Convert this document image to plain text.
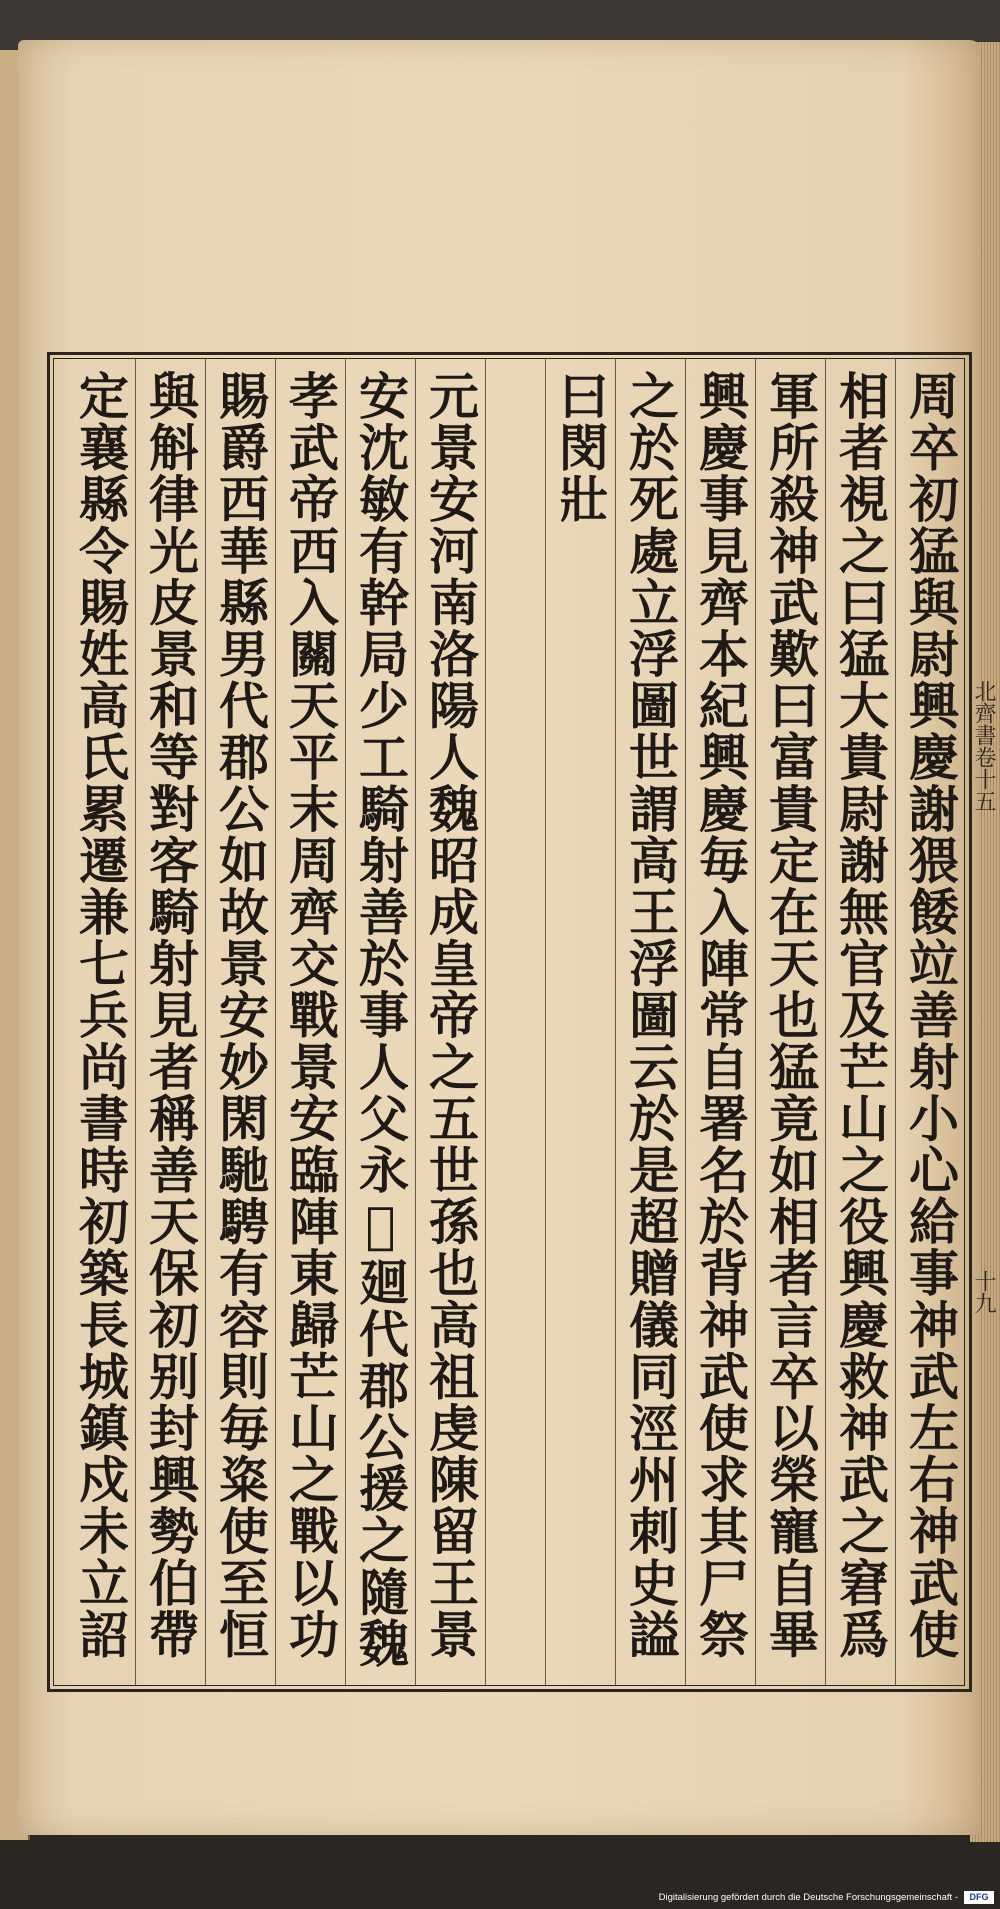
周卒初猛與尉興慶謝猥餧竝善射小心給事神武左右神武使
相者視之曰猛大貴尉謝無官及芒山之役興慶救神武之窘爲
軍所殺神武歎曰富貴定在天也猛竟如相者言卒以榮寵自畢
興慶事見齊本紀興慶毎入陣常自署名於背神武使求其尸祭
之於死處立浮圖世謂高王浮圖云於是超贈儀同涇州刺史謚
曰閔壯
元景安河南洛陽人魏昭成皇帝之五世孫也高祖虔陳留王景
安沈敏有幹局少工騎射善於事人父永𫆀廻代郡公援之隨魏
孝武帝西入關天平末周齊交戰景安臨陣東歸芒山之戰以功
賜爵西華縣男代郡公如故景安妙閑馳騁有容則毎粢使至恒
與斛律光皮景和等對客騎射見者稱善天保初别封興勢伯帶
定襄縣令賜姓高氏累遷兼七兵尚書時初築長城鎮戍未立詔	北齊書卷十五
十九
Digitalisierung gefördert durch die Deutsche Forschungsgemeinschaft -	DFG
